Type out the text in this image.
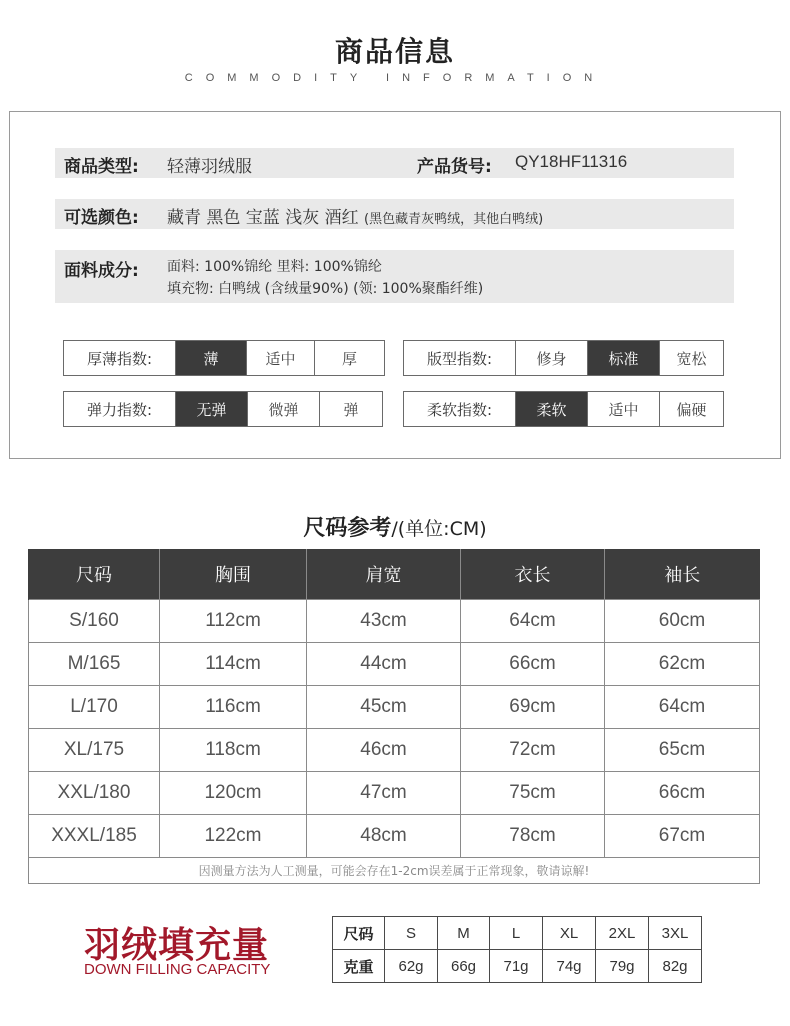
商品信息
COMMODITY INFORMATION
商品类型: 轻薄羽绒服	产品货号: QY18HF11316
可选颜色: 藏青 黑色 宝蓝 浅灰 酒红 (黑色藏青灰鸭绒，其他白鸭绒)
面料成分: 面料: 100%锦纶 里料: 100%锦纶
填充物: 白鸭绒 (含绒量90%) (领: 100%聚酯纤维)
厚薄指数:	薄	适中	厚	版型指数:	修身	标准	宽松
弹力指数:	无弹	微弹	弹	柔软指数:	柔软	适中	偏硬
尺码参考/(单位:CM)
尺码	胸围	肩宽	衣长	袖长
S/160	112cm	43cm	64cm	60cm
M/165	114cm	44cm	66cm	62cm
L/170	116cm	45cm	69cm	64cm
XL/175	118cm	46cm	72cm	65cm
XXL/180	120cm	47cm	75cm	66cm
XXXL/185	122cm	48cm	78cm	67cm
因测量方法为人工测量，可能会存在1-2cm误差属于正常现象，敬请谅解!				
羽绒填充量
DOWN FILLING CAPACITY
尺码	S	M	L	XL	2XL	3XL
克重	62g	66g	71g	74g	79g	82g
